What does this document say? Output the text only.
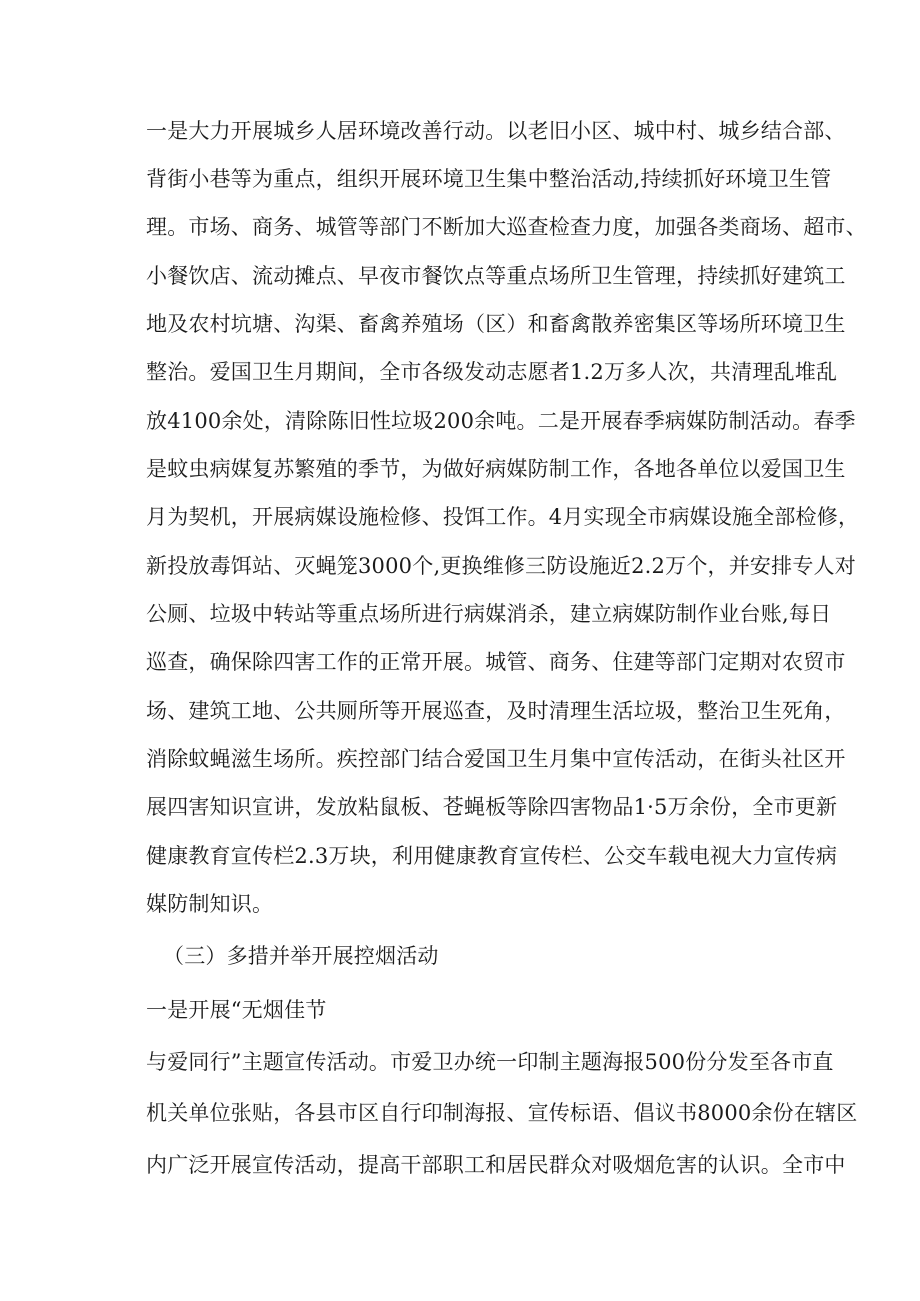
一是大力开展城乡人居环境改善行动。以老旧小区、城中村、城乡结合部、
背街小巷等为重点，组织开展环境卫生集中整治活动,持续抓好环境卫生管
理。市场、商务、城管等部门不断加大巡查检查力度，加强各类商场、超市、
小餐饮店、流动摊点、早夜市餐饮点等重点场所卫生管理，持续抓好建筑工
地及农村坑塘、沟渠、畜禽养殖场（区）和畜禽散养密集区等场所环境卫生
整治。爱国卫生月期间，全市各级发动志愿者1.2万多人次，共清理乱堆乱
放4100余处，清除陈旧性垃圾200余吨。二是开展春季病媒防制活动。春季
是蚊虫病媒复苏繁殖的季节，为做好病媒防制工作，各地各单位以爱国卫生
月为契机，开展病媒设施检修、投饵工作。4月实现全市病媒设施全部检修，
新投放毒饵站、灭蝇笼3000个,更换维修三防设施近2.2万个，并安排专人对
公厕、垃圾中转站等重点场所进行病媒消杀，建立病媒防制作业台账,每日
巡查，确保除四害工作的正常开展。城管、商务、住建等部门定期对农贸市
场、建筑工地、公共厕所等开展巡查，及时清理生活垃圾，整治卫生死角，
消除蚊蝇滋生场所。疾控部门结合爱国卫生月集中宣传活动，在街头社区开
展四害知识宣讲，发放粘鼠板、苍蝇板等除四害物品1·5万余份，全市更新
健康教育宣传栏2.3万块，利用健康教育宣传栏、公交车载电视大力宣传病
媒防制知识。
（三）多措并举开展控烟活动
一是开展“无烟佳节
与爱同行”主题宣传活动。市爱卫办统一印制主题海报500份分发至各市直
机关单位张贴，各县市区自行印制海报、宣传标语、倡议书8000余份在辖区
内广泛开展宣传活动，提高干部职工和居民群众对吸烟危害的认识。全市中
